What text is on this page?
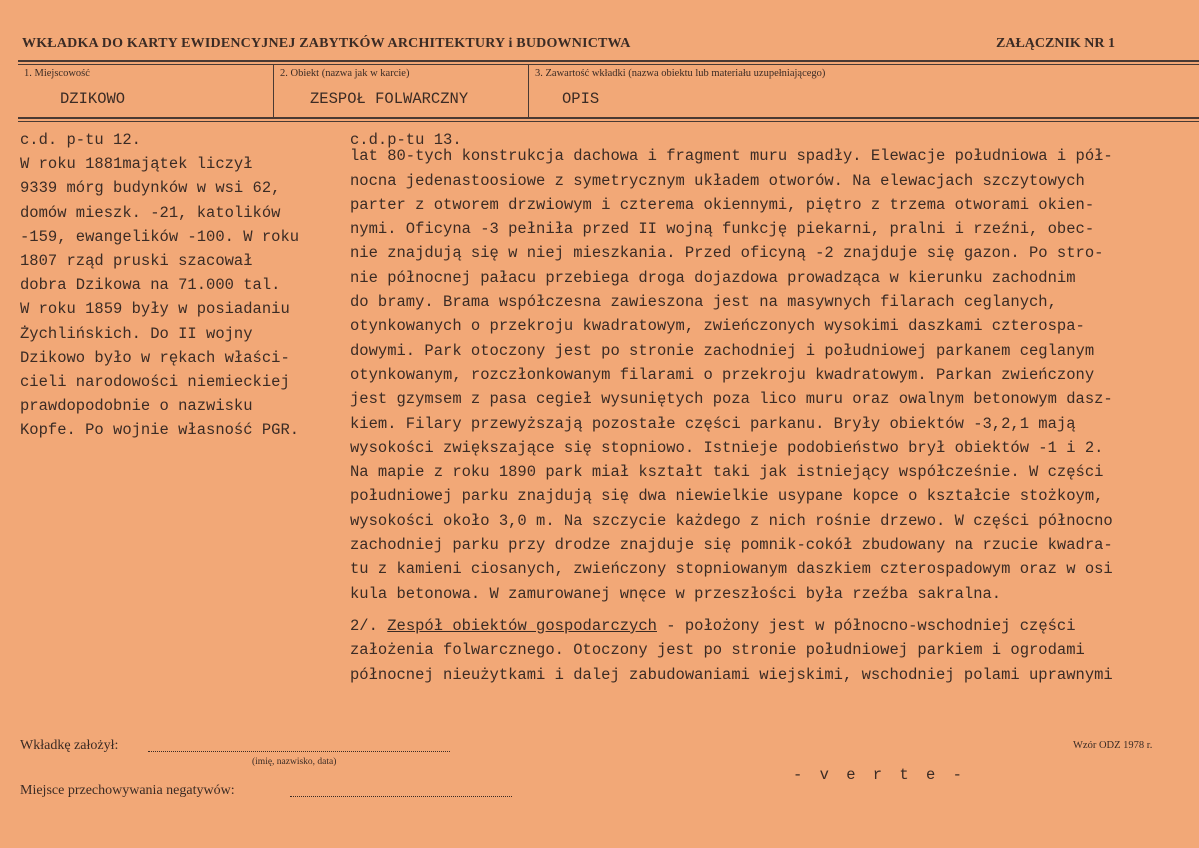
WKŁADKA DO KARTY EWIDENCYJNEJ ZABYTKÓW ARCHITEKTURY i BUDOWNICTWA	ZAŁĄCZNIK NR 1
1. Miejscowość
DZIKOWO
2. Obiekt (nazwa jak w karcie)
ZESPOŁ FOLWARCZNY
3. Zawartość wkładki (nazwa obiektu lub materiału uzupełniającego)
OPIS
c.d. p-tu 12.
W roku 1881majątek liczył
9339 mórg budynków w wsi 62,
domów mieszk. -21, katolików
-159, ewangelików -100. W roku
1807 rząd pruski szacował
dobra Dzikowa na 71.000 tal.
W roku 1859 były w posiadaniu
Żychlińskich. Do II wojny
Dzikowo było w rękach właści-
cieli narodowości niemieckiej
prawdopodobnie o nazwisku
Kopfe. Po wojnie własność PGR.
c.d.p-tu 13.
lat 80-tych konstrukcja dachowa i fragment muru spadły. Elewacje południowa i pół-
nocna jedenastoosiowe z symetrycznym układem otworów. Na elewacjach szczytowych
parter z otworem drzwiowym i czterema okiennymi, piętro z trzema otworami okien-
nymi. Oficyna -3 pełniła przed II wojną funkcję piekarni, pralni i rzeźni, obec-
nie znajdują się w niej mieszkania. Przed oficyną -2 znajduje się gazon. Po stro-
nie północnej pałacu przebiega droga dojazdowa prowadząca w kierunku zachodnim
do bramy. Brama współczesna zawieszona jest na masywnych filarach ceglanych,
otynkowanych o przekroju kwadratowym, zwieńczonych wysokimi daszkami czterospa-
dowymi. Park otoczony jest po stronie zachodniej i południowej parkanem ceglanym
otynkowanym, rozczłonkowanym filarami o przekroju kwadratowym. Parkan zwieńczony
jest gzymsem z pasa cegieł wysuniętych poza lico muru oraz owalnym betonowym dasz-
kiem. Filary przewyższają pozostałe części parkanu. Bryły obiektów -3,2,1 mają
wysokości zwiększające się stopniowo. Istnieje podobieństwo brył obiektów -1 i 2.
Na mapie z roku 1890 park miał kształt taki jak istniejący współcześnie. W części
południowej parku znajdują się dwa niewielkie usypane kopce o kształcie stożkoym,
wysokości około 3,0 m. Na szczycie każdego z nich rośnie drzewo. W części północno
zachodniej parku przy drodze znajduje się pomnik-cokół zbudowany na rzucie kwadra-
tu z kamieni ciosanych, zwieńczony stopniowanym daszkiem czterospadowym oraz w osi
kula betonowa. W zamurowanej wnęce w przeszłości była rzeźba sakralna.
2/. Zespół obiektów gospodarczych - położony jest w północno-wschodniej części
założenia folwarcznego. Otoczony jest po stronie południowej parkiem i ogrodami
północnej nieużytkami i dalej zabudowaniami wiejskimi, wschodniej polami uprawnymi
Wkładkę założył:
(imię, nazwisko, data)
Wzór ODZ 1978 r.
Miejsce przechowywania negatywów:
- v e r t e -
